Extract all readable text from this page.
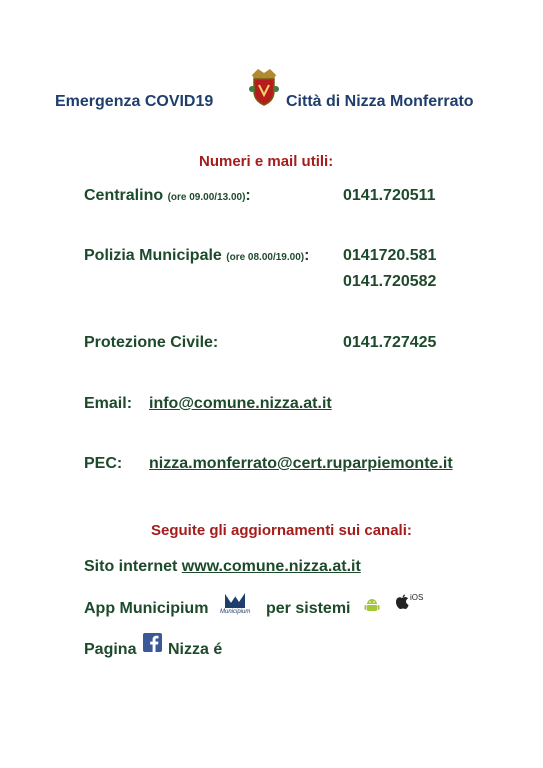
Emergenza COVID19	Città di Nizza Monferrato
Numeri e mail utili:
Centralino (ore 09.00/13.00):	0141.720511
Polizia Municipale (ore 08.00/19.00): 0141720.581
0141.720582
Protezione Civile:	0141.727425
Email: info@comune.nizza.at.it
PEC: nizza.monferrato@cert.ruparpiemonte.it
Seguite gli aggiornamenti sui canali:
Sito internet www.comune.nizza.at.it
App Municipium Municipium per sistemi
iOS
Pagina Nizza é
